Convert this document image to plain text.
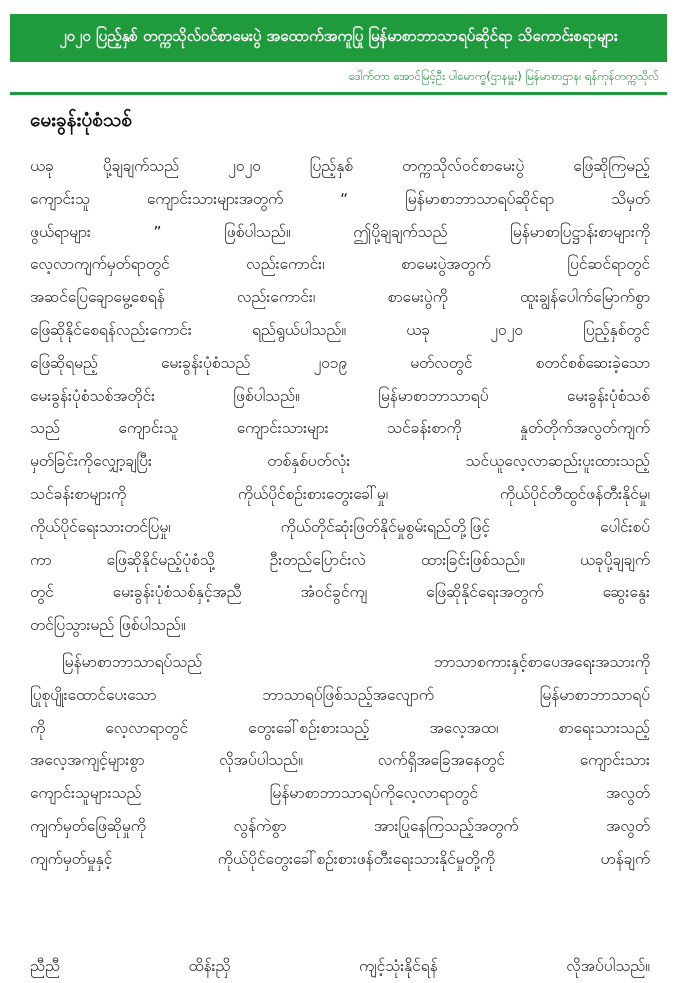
၂၀၂၀ ပြည့်နှစ် တက္ကသိုလ်ဝင်စာမေးပွဲ အထောက်အကူပြု မြန်မာစာဘာသာရပ်ဆိုင်ရာ သိကောင်းစရာများ
ဒေါက်တာ အောင်မြင့်ဦး ပါမောက္ခ(ဌာနမှူး) မြန်မာစာဌာန၊ ရန်ကုန်တက္ကသိုလ်
မေးခွန်းပုံစံသစ်
ယခု ပို့ချချက်သည် ၂၀၂၀ ပြည့်နှစ် တက္ကသိုလ်ဝင်စာမေးပွဲ ဖြေဆိုကြမည့်
ကျောင်းသူ ကျောင်းသားများအတွက် “ မြန်မာစာဘာသာရပ်ဆိုင်ရာ သိမှတ်
ဖွယ်ရာများ ” ဖြစ်ပါသည်။ ဤပို့ချချက်သည် မြန်မာစာပြဋ္ဌာန်းစာများကို
လေ့လာကျက်မှတ်ရာတွင် လည်းကောင်း၊ စာမေးပွဲအတွက် ပြင်ဆင်ရာတွင်
အဆင်ပြေချောမွေ့စေရန် လည်းကောင်း၊ စာမေးပွဲကို ထူးချွန်ပေါက်မြောက်စွာ
ဖြေဆိုနိုင်စေရန်လည်းကောင်း ရည်ရွယ်ပါသည်။ ယခု ၂၀၂၀ ပြည့်နှစ်တွင်
ဖြေဆိုရမည့် မေးခွန်းပုံစံသည် ၂၀၁၉ မတ်လတွင် စတင်စစ်ဆေးခဲ့သော
မေးခွန်းပုံစံသစ်အတိုင်း ဖြစ်ပါသည်။ မြန်မာစာဘာသာရပ် မေးခွန်းပုံစံသစ်
သည် ကျောင်းသူ ကျောင်းသားများ သင်ခန်းစာကို နှုတ်တိုက်အလွတ်ကျက်
မှတ်ခြင်းကိုလျှော့ချပြီး တစ်နှစ်ပတ်လုံး သင်ယူလေ့လာဆည်းပူးထားသည့်
သင်ခန်းစာများကို ကိုယ်ပိုင်စဉ်းစားတွေးခေါ်မှု၊ ကိုယ်ပိုင်တီထွင်ဖန်တီးနိုင်မှု၊
ကိုယ်ပိုင်ရေးသားတင်ပြမှု၊ ကိုယ်တိုင်ဆုံးဖြတ်နိုင်မှုစွမ်းရည်တို့ဖြင့် ပေါင်းစပ်
ကာ ဖြေဆိုနိုင်မည့်ပုံစံသို့ ဦးတည်ပြောင်းလဲ ထားခြင်းဖြစ်သည်။ ယခုပို့ချချက်
တွင် မေးခွန်းပုံစံသစ်နှင့်အညီ အံဝင်ခွင်ကျ ဖြေဆိုနိုင်ရေးအတွက် ဆွေးနွေး
တင်ပြသွားမည် ဖြစ်ပါသည်။
မြန်မာစာဘာသာရပ်သည် ဘာသာစကားနှင့်စာပေအရေးအသားကို
ပြုစုပျိုးထောင်ပေးသော ဘာသာရပ်ဖြစ်သည့်အလျောက် မြန်မာစာဘာသာရပ်
ကို လေ့လာရာတွင် တွေးခေါ်စဉ်းစားသည့် အလေ့အထ၊ စာရေးသားသည့်
အလေ့အကျင့်များစွာ လိုအပ်ပါသည်။ လက်ရှိအခြေအနေတွင် ကျောင်းသား
ကျောင်းသူများသည် မြန်မာစာဘာသာရပ်ကိုလေ့လာရာတွင် အလွတ်
ကျက်မှတ်ဖြေဆိုမှုကို လွန်ကဲစွာ အားပြုနေကြသည့်အတွက် အလွတ်
ကျက်မှတ်မှုနှင့် ကိုယ်ပိုင်တွေးခေါ်စဉ်းစားဖန်တီးရေးသားနိုင်မှုတို့ကို ဟန်ချက်
ညီညီ ထိန်းညှိ ကျင့်သုံးနိုင်ရန် လိုအပ်ပါသည်။
